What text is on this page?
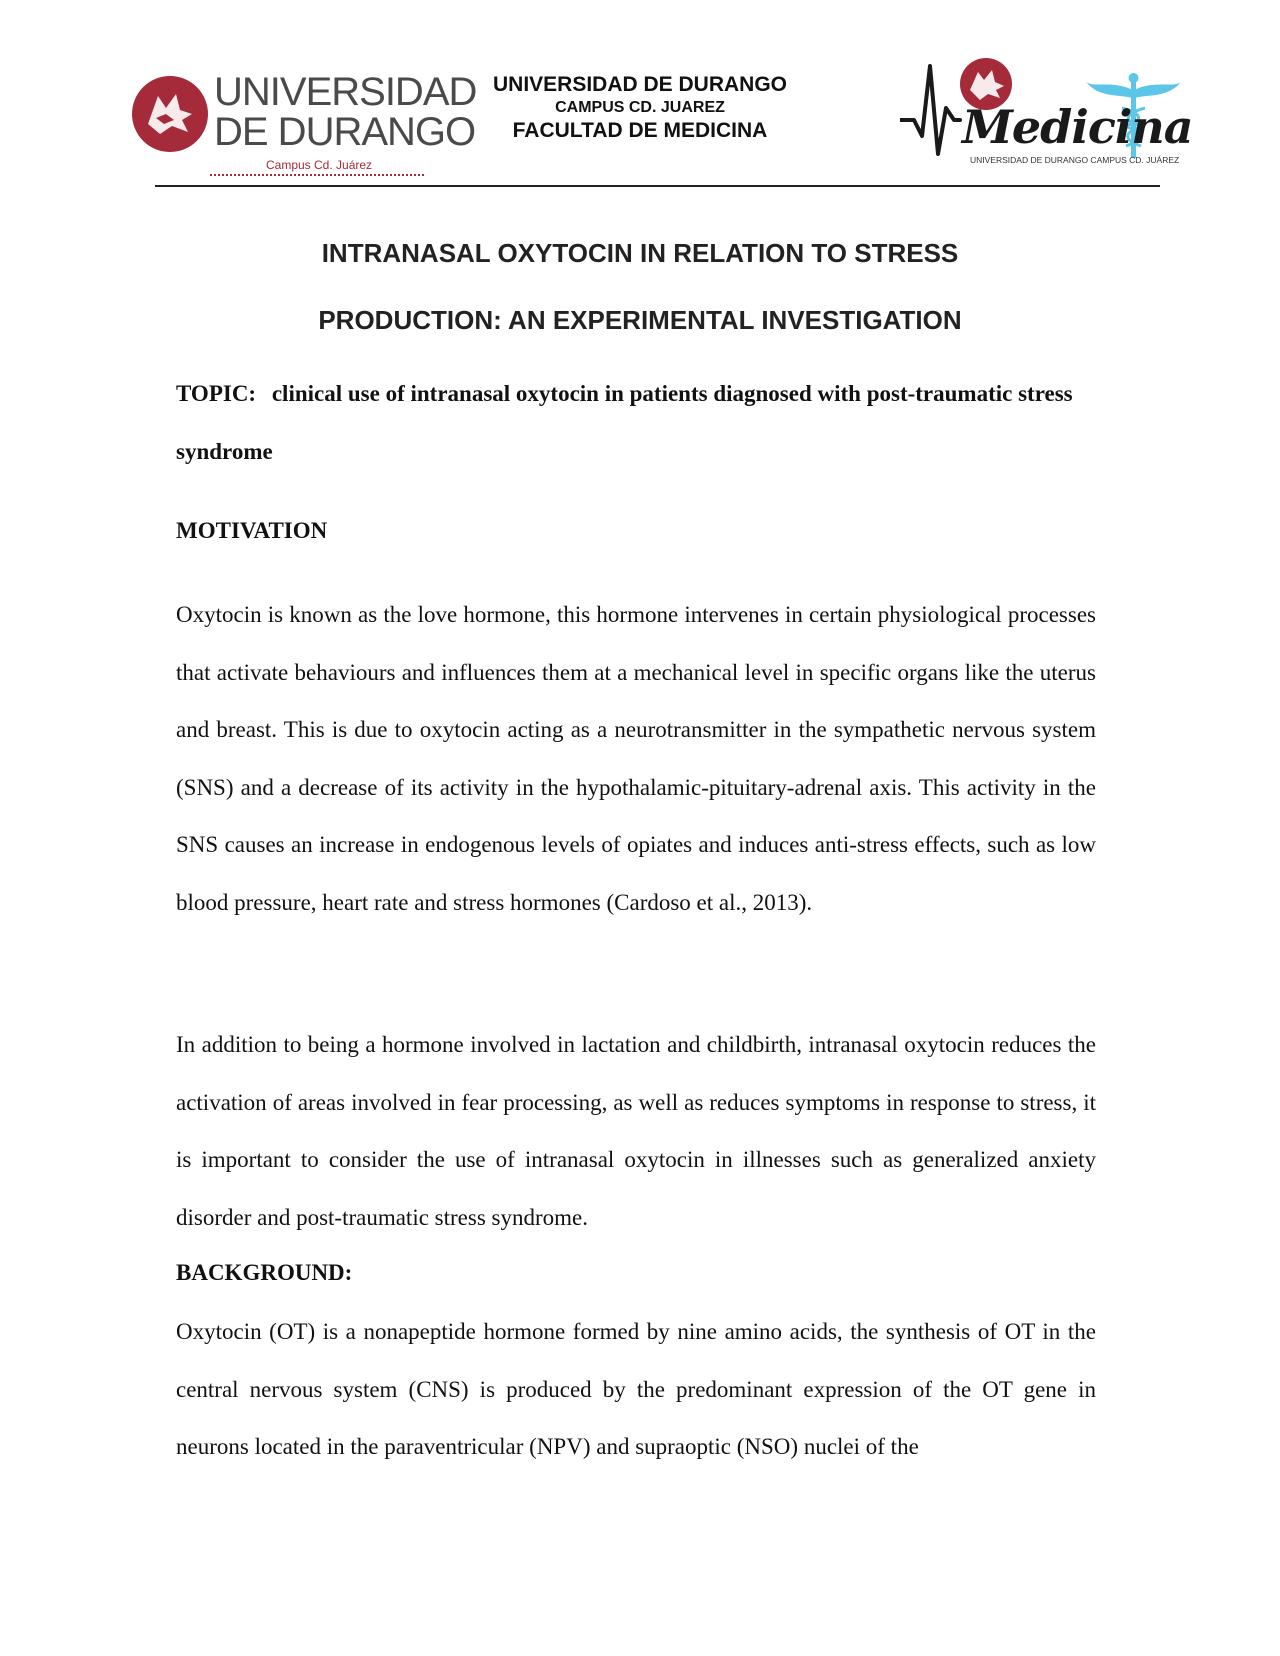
UNIVERSIDAD
DE DURANGO
Campus Cd. Juárez
UNIVERSIDAD DE DURANGO
CAMPUS CD. JUAREZ
FACULTAD DE MEDICINA	Medicina
UNIVERSIDAD DE DURANGO CAMPUS CD. JUÁREZ
INTRANASAL OXYTOCIN IN RELATION TO STRESS
PRODUCTION: AN EXPERIMENTAL INVESTIGATION
TOPIC: clinical use of intranasal oxytocin in patients diagnosed with post-traumatic stress syndrome
MOTIVATION
Oxytocin is known as the love hormone, this hormone intervenes in certain physiological processes that activate behaviours and influences them at a mechanical level in specific organs like the uterus and breast. This is due to oxytocin acting as a neurotransmitter in the sympathetic nervous system (SNS) and a decrease of its activity in the hypothalamic-pituitary-adrenal axis. This activity in the SNS causes an increase in endogenous levels of opiates and induces anti-stress effects, such as low blood pressure, heart rate and stress hormones (Cardoso et al., 2013).
In addition to being a hormone involved in lactation and childbirth, intranasal oxytocin reduces the activation of areas involved in fear processing, as well as reduces symptoms in response to stress, it is important to consider the use of intranasal oxytocin in illnesses such as generalized anxiety disorder and post-traumatic stress syndrome.
BACKGROUND:
Oxytocin (OT) is a nonapeptide hormone formed by nine amino acids, the synthesis of OT in the central nervous system (CNS) is produced by the predominant expression of the OT gene in neurons located in the paraventricular (NPV) and supraoptic (NSO) nuclei of the
